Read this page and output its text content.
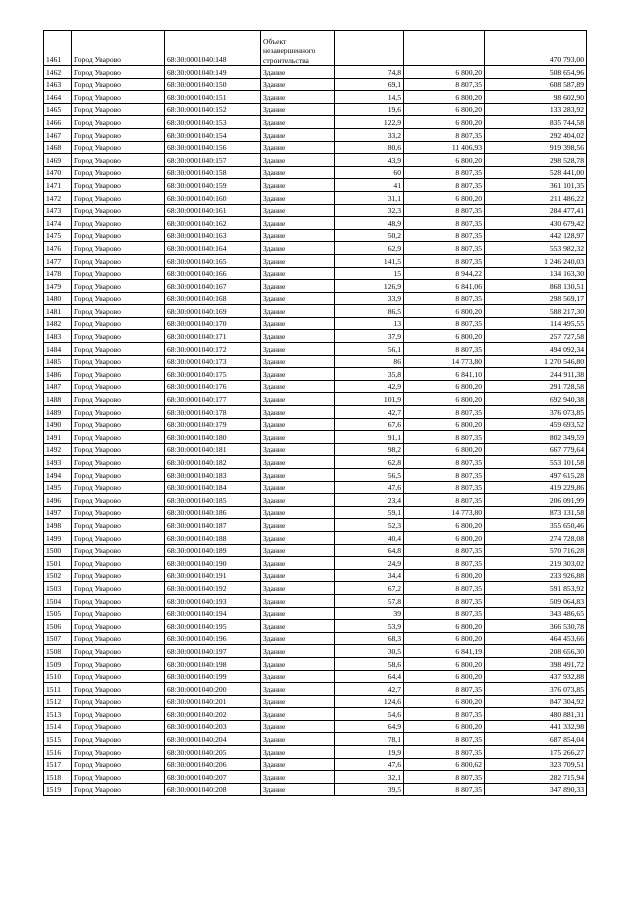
1461	Город Уварово	68:30:0001040:148	Объект незавершенного строительства			470 793,00
1462	Город Уварово	68:30:0001040:149	Здание	74,8	6 800,20	508 654,96
1463	Город Уварово	68:30:0001040:150	Здание	69,1	8 807,35	608 587,89
1464	Город Уварово	68:30:0001040:151	Здание	14,5	6 800,20	98 602,90
1465	Город Уварово	68:30:0001040:152	Здание	19,6	6 800,20	133 283,92
1466	Город Уварово	68:30:0001040:153	Здание	122,9	6 800,20	835 744,58
1467	Город Уварово	68:30:0001040:154	Здание	33,2	8 807,35	292 404,02
1468	Город Уварово	68:30:0001040:156	Здание	80,6	11 406,93	919 398,56
1469	Город Уварово	68:30:0001040:157	Здание	43,9	6 800,20	298 528,78
1470	Город Уварово	68:30:0001040:158	Здание	60	8 807,35	528 441,00
1471	Город Уварово	68:30:0001040:159	Здание	41	8 807,35	361 101,35
1472	Город Уварово	68:30:0001040:160	Здание	31,1	6 800,20	211 486,22
1473	Город Уварово	68:30:0001040:161	Здание	32,3	8 807,35	284 477,41
1474	Город Уварово	68:30:0001040:162	Здание	48,9	8 807,35	430 679,42
1475	Город Уварово	68:30:0001040:163	Здание	50,2	8 807,35	442 128,97
1476	Город Уварово	68:30:0001040:164	Здание	62,9	8 807,35	553 982,32
1477	Город Уварово	68:30:0001040:165	Здание	141,5	8 807,35	1 246 240,03
1478	Город Уварово	68:30:0001040:166	Здание	15	8 944,22	134 163,30
1479	Город Уварово	68:30:0001040:167	Здание	126,9	6 841,06	868 130,51
1480	Город Уварово	68:30:0001040:168	Здание	33,9	8 807,35	298 569,17
1481	Город Уварово	68:30:0001040:169	Здание	86,5	6 800,20	588 217,30
1482	Город Уварово	68:30:0001040:170	Здание	13	8 807,35	114 495,55
1483	Город Уварово	68:30:0001040:171	Здание	37,9	6 800,20	257 727,58
1484	Город Уварово	68:30:0001040:172	Здание	56,1	8 807,35	494 092,34
1485	Город Уварово	68:30:0001040:173	Здание	86	14 773,80	1 270 546,80
1486	Город Уварово	68:30:0001040:175	Здание	35,8	6 841,10	244 911,38
1487	Город Уварово	68:30:0001040:176	Здание	42,9	6 800,20	291 728,58
1488	Город Уварово	68:30:0001040:177	Здание	101,9	6 800,20	692 940,38
1489	Город Уварово	68:30:0001040:178	Здание	42,7	8 807,35	376 073,85
1490	Город Уварово	68:30:0001040:179	Здание	67,6	6 800,20	459 693,52
1491	Город Уварово	68:30:0001040:180	Здание	91,1	8 807,35	802 349,59
1492	Город Уварово	68:30:0001040:181	Здание	98,2	6 800,20	667 779,64
1493	Город Уварово	68:30:0001040:182	Здание	62,8	8 807,35	553 101,58
1494	Город Уварово	68:30:0001040:183	Здание	56,5	8 807,35	497 615,28
1495	Город Уварово	68:30:0001040:184	Здание	47,6	8 807,35	419 229,86
1496	Город Уварово	68:30:0001040:185	Здание	23,4	8 807,35	206 091,99
1497	Город Уварово	68:30:0001040:186	Здание	59,1	14 773,80	873 131,58
1498	Город Уварово	68:30:0001040:187	Здание	52,3	6 800,20	355 650,46
1499	Город Уварово	68:30:0001040:188	Здание	40,4	6 800,20	274 728,08
1500	Город Уварово	68:30:0001040:189	Здание	64,8	8 807,35	570 716,28
1501	Город Уварово	68:30:0001040:190	Здание	24,9	8 807,35	219 303,02
1502	Город Уварово	68:30:0001040:191	Здание	34,4	6 800,20	233 926,88
1503	Город Уварово	68:30:0001040:192	Здание	67,2	8 807,35	591 853,92
1504	Город Уварово	68:30:0001040:193	Здание	57,8	8 807,35	509 064,83
1505	Город Уварово	68:30:0001040:194	Здание	39	8 807,35	343 486,65
1506	Город Уварово	68:30:0001040:195	Здание	53,9	6 800,20	366 530,78
1507	Город Уварово	68:30:0001040:196	Здание	68,3	6 800,20	464 453,66
1508	Город Уварово	68:30:0001040:197	Здание	30,5	6 841,19	208 656,30
1509	Город Уварово	68:30:0001040:198	Здание	58,6	6 800,20	398 491,72
1510	Город Уварово	68:30:0001040:199	Здание	64,4	6 800,20	437 932,88
1511	Город Уварово	68:30:0001040:200	Здание	42,7	8 807,35	376 073,85
1512	Город Уварово	68:30:0001040:201	Здание	124,6	6 800,20	847 304,92
1513	Город Уварово	68:30:0001040:202	Здание	54,6	8 807,35	480 881,31
1514	Город Уварово	68:30:0001040:203	Здание	64,9	6 800,20	441 332,98
1515	Город Уварово	68:30:0001040:204	Здание	78,1	8 807,35	687 854,04
1516	Город Уварово	68:30:0001040:205	Здание	19,9	8 807,35	175 266,27
1517	Город Уварово	68:30:0001040:206	Здание	47,6	6 800,62	323 709,51
1518	Город Уварово	68:30:0001040:207	Здание	32,1	8 807,35	282 715,94
1519	Город Уварово	68:30:0001040:208	Здание	39,5	8 807,35	347 890,33
